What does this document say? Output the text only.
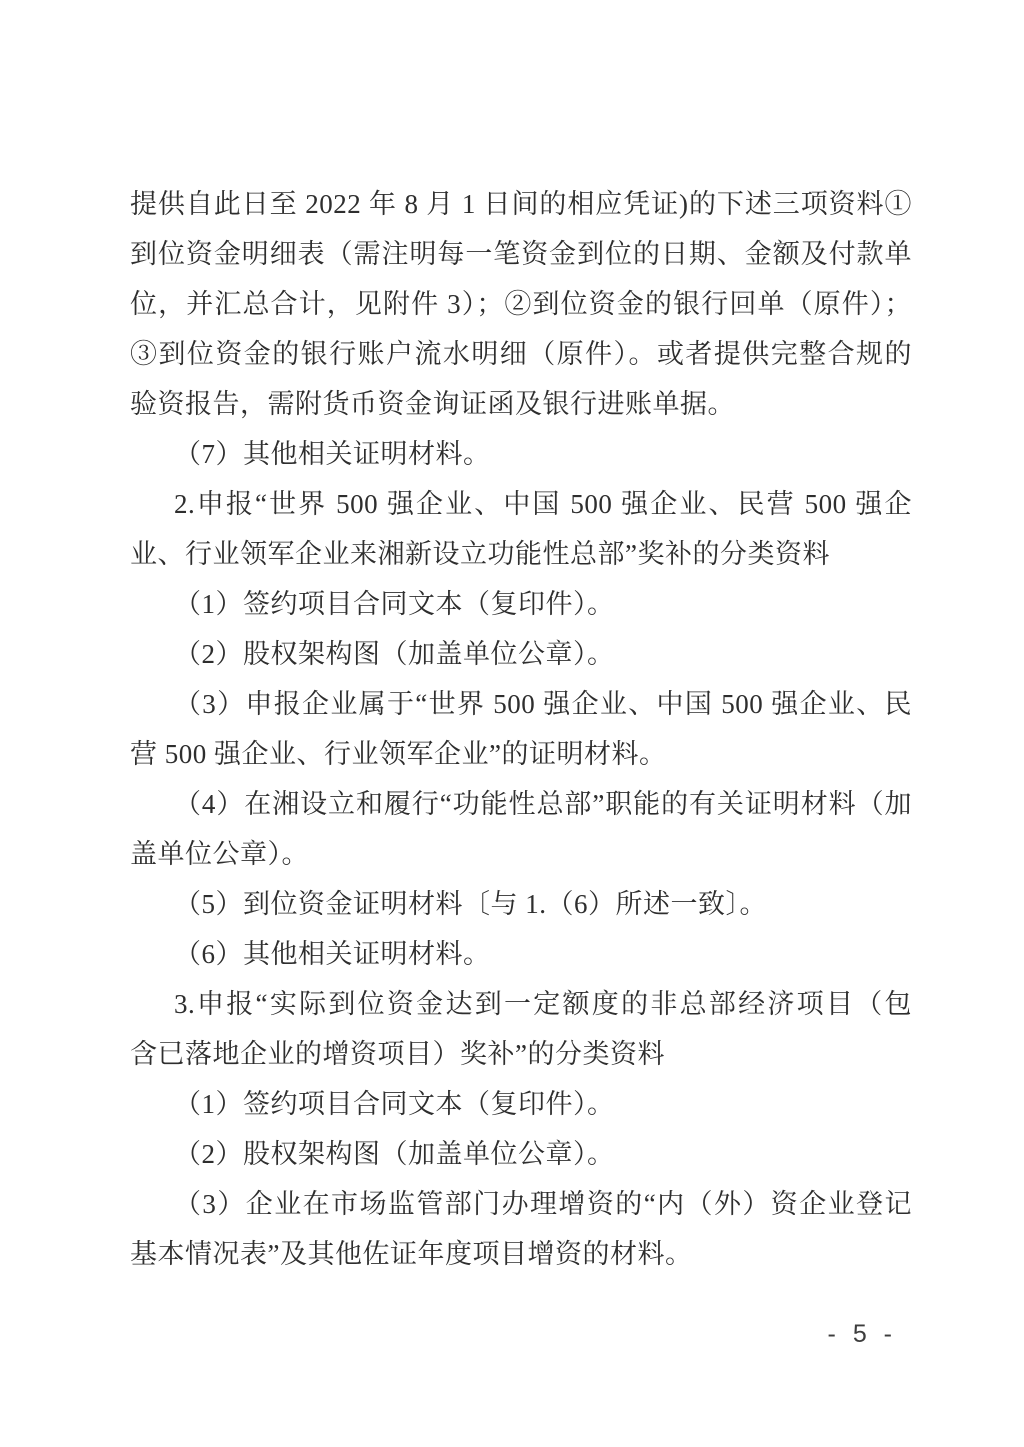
提供自此日至 2022 年 8 月 1 日间的相应凭证)的下述三项资料①
到位资金明细表（需注明每一笔资金到位的日期、金额及付款单
位，并汇总合计，见附件 3）；②到位资金的银行回单（原件）；
③到位资金的银行账户流水明细（原件）。或者提供完整合规的
验资报告，需附货币资金询证函及银行进账单据。
（7）其他相关证明材料。
2.申报“世界 500 强企业、中国 500 强企业、民营 500 强企
业、行业领军企业来湘新设立功能性总部”奖补的分类资料
（1）签约项目合同文本（复印件）。
（2）股权架构图（加盖单位公章）。
（3）申报企业属于“世界 500 强企业、中国 500 强企业、民
营 500 强企业、行业领军企业”的证明材料。
（4）在湘设立和履行“功能性总部”职能的有关证明材料（加
盖单位公章）。
（5）到位资金证明材料〔与 1.（6）所述一致〕。
（6）其他相关证明材料。
3.申报“实际到位资金达到一定额度的非总部经济项目（包
含已落地企业的增资项目）奖补”的分类资料
（1）签约项目合同文本（复印件）。
（2）股权架构图（加盖单位公章）。
（3）企业在市场监管部门办理增资的“内（外）资企业登记
基本情况表”及其他佐证年度项目增资的材料。
- 5 -
